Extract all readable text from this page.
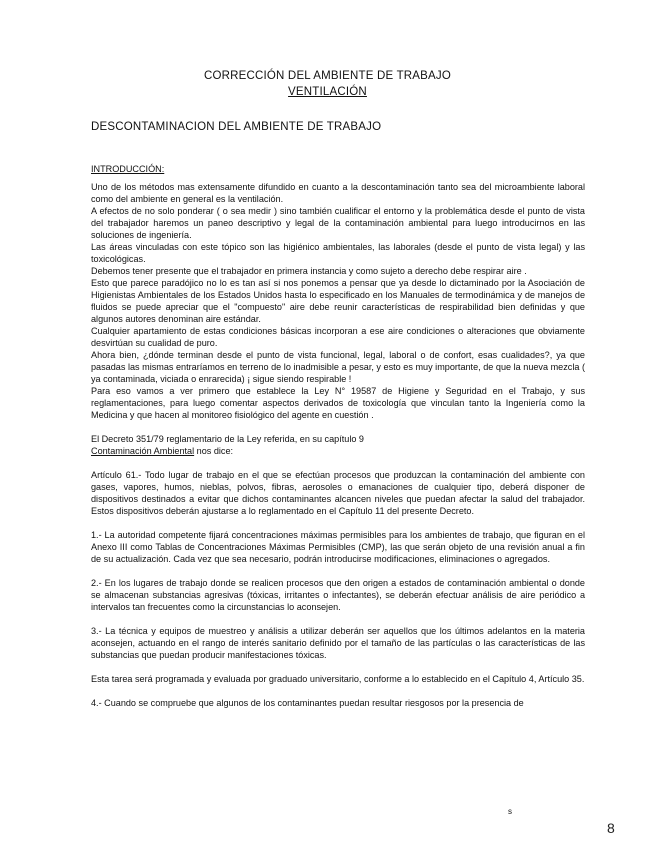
CORRECCIÓN DEL AMBIENTE DE TRABAJO
VENTILACIÓN
DESCONTAMINACION DEL AMBIENTE DE TRABAJO

INTRODUCCIÓN:

Uno de los métodos mas extensamente difundido en cuanto a la descontaminación tanto sea del microambiente laboral como del ambiente en general es la ventilación.

A efectos de no solo ponderar ( o sea medir ) sino también cualificar el entorno y la problemática desde el punto de vista del trabajador haremos un paneo descriptivo y legal de la contaminación ambiental para luego introducirnos en las soluciones de ingeniería.

Las áreas vinculadas con este tópico son las higiénico ambientales, las laborales (desde el punto de vista legal) y las toxicológicas.

Debemos tener presente que el trabajador en primera instancia y como sujeto a derecho debe respirar aire .

Esto que parece paradójico no lo es tan así si nos ponemos a pensar que ya desde lo dictaminado por la Asociación de Higienistas Ambientales de los Estados Unidos hasta lo especificado en los Manuales de termodinámica y de manejos de fluidos se puede apreciar que el "compuesto" aire debe reunir características de respirabilidad bien definidas y que algunos autores denominan aire estándar.

Cualquier apartamiento de estas condiciones básicas incorporan a ese aire condiciones o alteraciones que obviamente desvirtúan su cualidad de puro.

Ahora bien, ¿dónde terminan desde el punto de vista funcional, legal, laboral o de confort, esas cualidades?, ya que pasadas las mismas entraríamos en terreno de lo inadmisible a pesar, y esto es muy importante, de que la nueva mezcla ( ya contaminada, viciada o enrarecida) ¡ sigue siendo respirable !

Para eso vamos a ver primero que establece la Ley N° 19587 de Higiene y Seguridad en el Trabajo, y sus reglamentaciones, para luego comentar aspectos derivados de toxicología que vinculan tanto la Ingeniería como la Medicina y que hacen al monitoreo fisiológico del agente en cuestión .

El Decreto 351/79 reglamentario de la Ley referida, en su capítulo 9

Contaminación Ambiental nos dice:

Artículo 61.- Todo lugar de trabajo en el que se efectúan procesos que produzcan la contaminación del ambiente con gases, vapores, humos, nieblas, polvos, fibras, aerosoles o emanaciones de cualquier tipo, deberá disponer de dispositivos destinados a evitar que dichos contaminantes alcancen niveles que puedan afectar la salud del trabajador. Estos dispositivos deberán ajustarse a lo reglamentado en el Capítulo 11 del presente Decreto.

1.- La autoridad competente fijará concentraciones máximas permisibles para los ambientes de trabajo, que figuran en el Anexo III como Tablas de Concentraciones Máximas Permisibles (CMP), las que serán objeto de una revisión anual a fin de su actualización. Cada vez que sea necesario, podrán introducirse modificaciones, eliminaciones o agregados.

2.- En los lugares de trabajo donde se realicen procesos que den origen a estados de contaminación ambiental o donde se almacenan substancias agresivas (tóxicas, irritantes o infectantes), se deberán efectuar análisis de aire periódico a intervalos tan frecuentes como la circunstancias lo aconsejen.

3.- La técnica y equipos de muestreo y análisis a utilizar deberán ser aquellos que los últimos adelantos en la materia aconsejen, actuando en el rango de interés sanitario definido por el tamaño de las partículas o las características de las substancias que puedan producir manifestaciones tóxicas.

Esta tarea será programada y evaluada por graduado universitario, conforme a lo establecido en el Capítulo 4, Artículo 35.

4.- Cuando se compruebe que algunos de los contaminantes puedan resultar riesgosos por la presencia de

s
8
